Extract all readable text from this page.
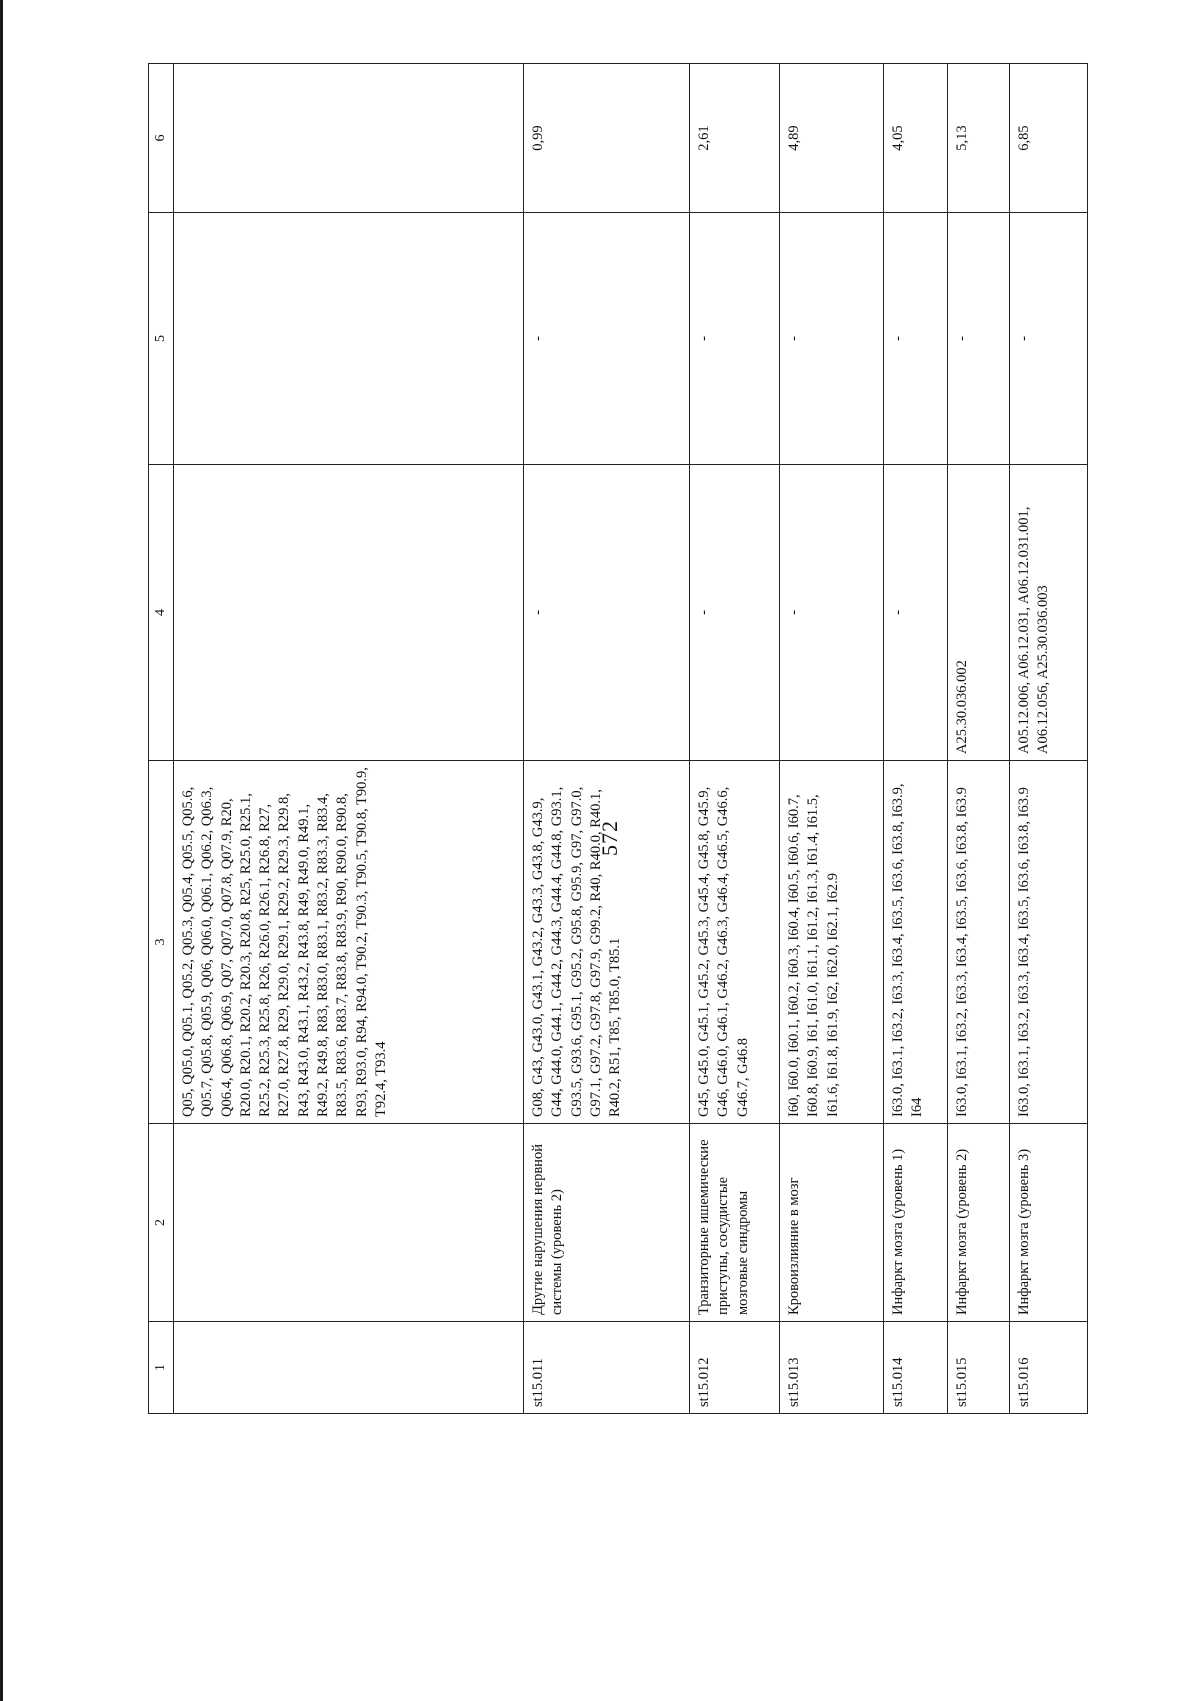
572
1	2	3	4	5	6
		Q05, Q05.0, Q05.1, Q05.2, Q05.3, Q05.4, Q05.5, Q05.6, Q05.7, Q05.8, Q05.9, Q06, Q06.0, Q06.1, Q06.2, Q06.3, Q06.4, Q06.8, Q06.9, Q07, Q07.0, Q07.8, Q07.9, R20, R20.0, R20.1, R20.2, R20.3, R20.8, R25, R25.0, R25.1, R25.2, R25.3, R25.8, R26, R26.0, R26.1, R26.8, R27, R27.0, R27.8, R29, R29.0, R29.1, R29.2, R29.3, R29.8, R43, R43.0, R43.1, R43.2, R43.8, R49, R49.0, R49.1, R49.2, R49.8, R83, R83.0, R83.1, R83.2, R83.3, R83.4, R83.5, R83.6, R83.7, R83.8, R83.9, R90, R90.0, R90.8, R93, R93.0, R94, R94.0, T90.2, T90.3, T90.5, T90.8, T90.9, T92.4, T93.4			
st15.011	Другие нарушения нервной системы (уровень 2)	G08, G43, G43.0, G43.1, G43.2, G43.3, G43.8, G43.9, G44, G44.0, G44.1, G44.2, G44.3, G44.4, G44.8, G93.1, G93.5, G93.6, G95.1, G95.2, G95.8, G95.9, G97, G97.0, G97.1, G97.2, G97.8, G97.9, G99.2, R40, R40.0, R40.1, R40.2, R51, T85, T85.0, T85.1	-	-	0,99
st15.012	Транзиторные ишемические приступы, сосудистые мозговые синдромы	G45, G45.0, G45.1, G45.2, G45.3, G45.4, G45.8, G45.9, G46, G46.0, G46.1, G46.2, G46.3, G46.4, G46.5, G46.6, G46.7, G46.8	-	-	2,61
st15.013	Кровоизлияние в мозг	I60, I60.0, I60.1, I60.2, I60.3, I60.4, I60.5, I60.6, I60.7, I60.8, I60.9, I61, I61.0, I61.1, I61.2, I61.3, I61.4, I61.5, I61.6, I61.8, I61.9, I62, I62.0, I62.1, I62.9	-	-	4,89
st15.014	Инфаркт мозга (уровень 1)	I63.0, I63.1, I63.2, I63.3, I63.4, I63.5, I63.6, I63.8, I63.9, I64	-	-	4,05
st15.015	Инфаркт мозга (уровень 2)	I63.0, I63.1, I63.2, I63.3, I63.4, I63.5, I63.6, I63.8, I63.9	A25.30.036.002	-	5,13
st15.016	Инфаркт мозга (уровень 3)	I63.0, I63.1, I63.2, I63.3, I63.4, I63.5, I63.6, I63.8, I63.9	A05.12.006, A06.12.031, A06.12.031.001, A06.12.056, A25.30.036.003	-	6,85
